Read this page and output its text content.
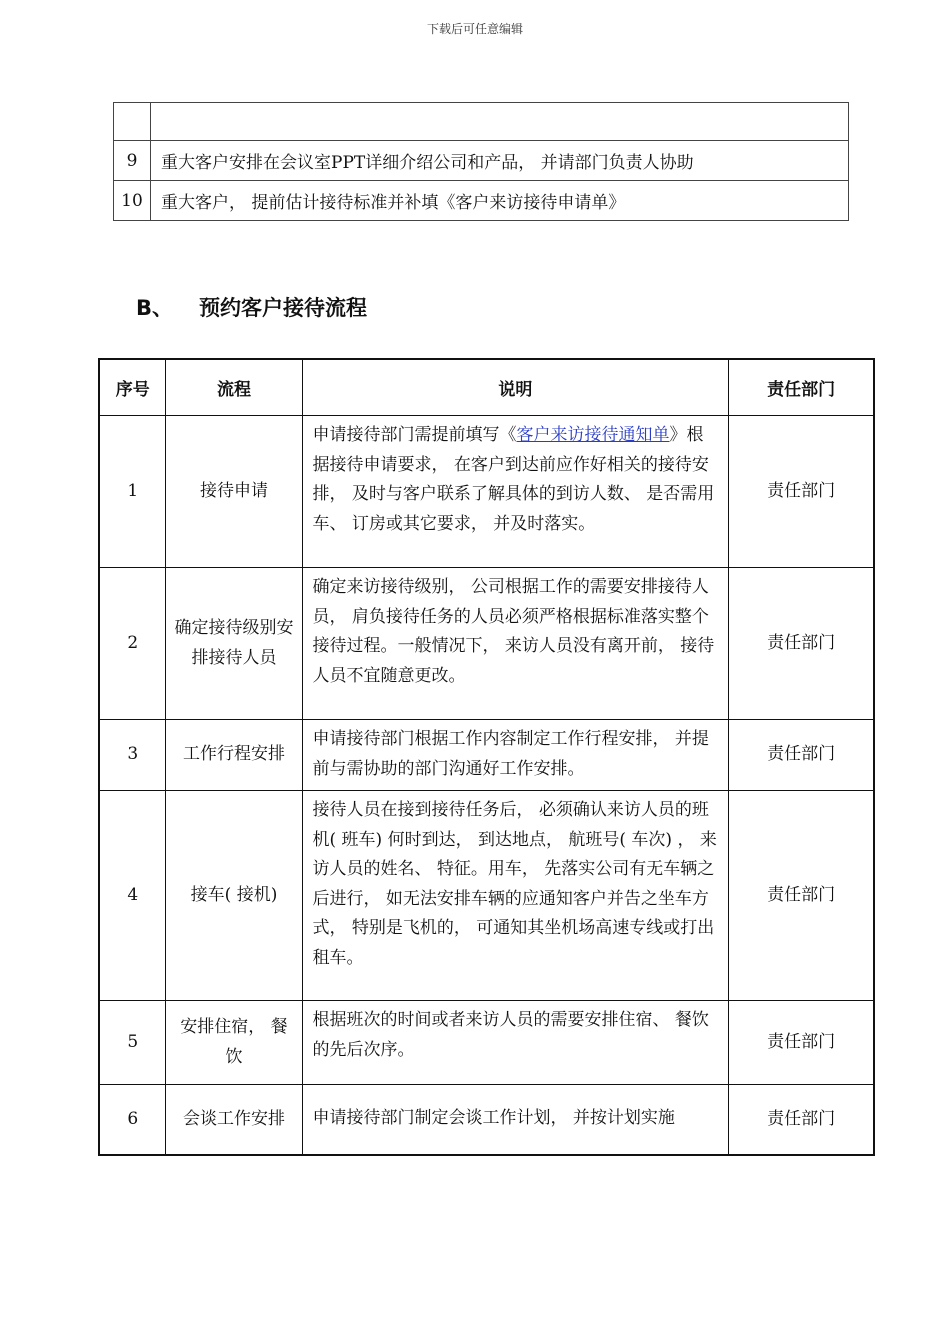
下载后可任意编辑

9	重大客户安排在会议室PPT详细介绍公司和产品， 并请部门负责人协助
10	重大客户， 提前估计接待标准并补填《客户来访接待申请单》
B、 预约客户接待流程
序号	流程	说明	责任部门
1	接待申请	申请接待部门需提前填写《客户来访接待通知单》根据接待申请要求， 在客户到达前应作好相关的接待安排， 及时与客户联系了解具体的到访人数、 是否需用车、 订房或其它要求， 并及时落实。	责任部门
2	确定接待级别安排接待人员	确定来访接待级别， 公司根据工作的需要安排接待人员， 肩负接待任务的人员必须严格根据标准落实整个接待过程。一般情况下， 来访人员没有离开前， 接待人员不宜随意更改。	责任部门
3	工作行程安排	申请接待部门根据工作内容制定工作行程安排， 并提前与需协助的部门沟通好工作安排。	责任部门
4	接车( 接机)	接待人员在接到接待任务后， 必须确认来访人员的班机( 班车) 何时到达， 到达地点， 航班号( 车次) ， 来访人员的姓名、 特征。用车， 先落实公司有无车辆之后进行， 如无法安排车辆的应通知客户并告之坐车方式， 特别是飞机的， 可通知其坐机场高速专线或打出租车。	责任部门
5	安排住宿， 餐饮	根据班次的时间或者来访人员的需要安排住宿、 餐饮的先后次序。	责任部门
6	会谈工作安排	申请接待部门制定会谈工作计划， 并按计划实施	责任部门
